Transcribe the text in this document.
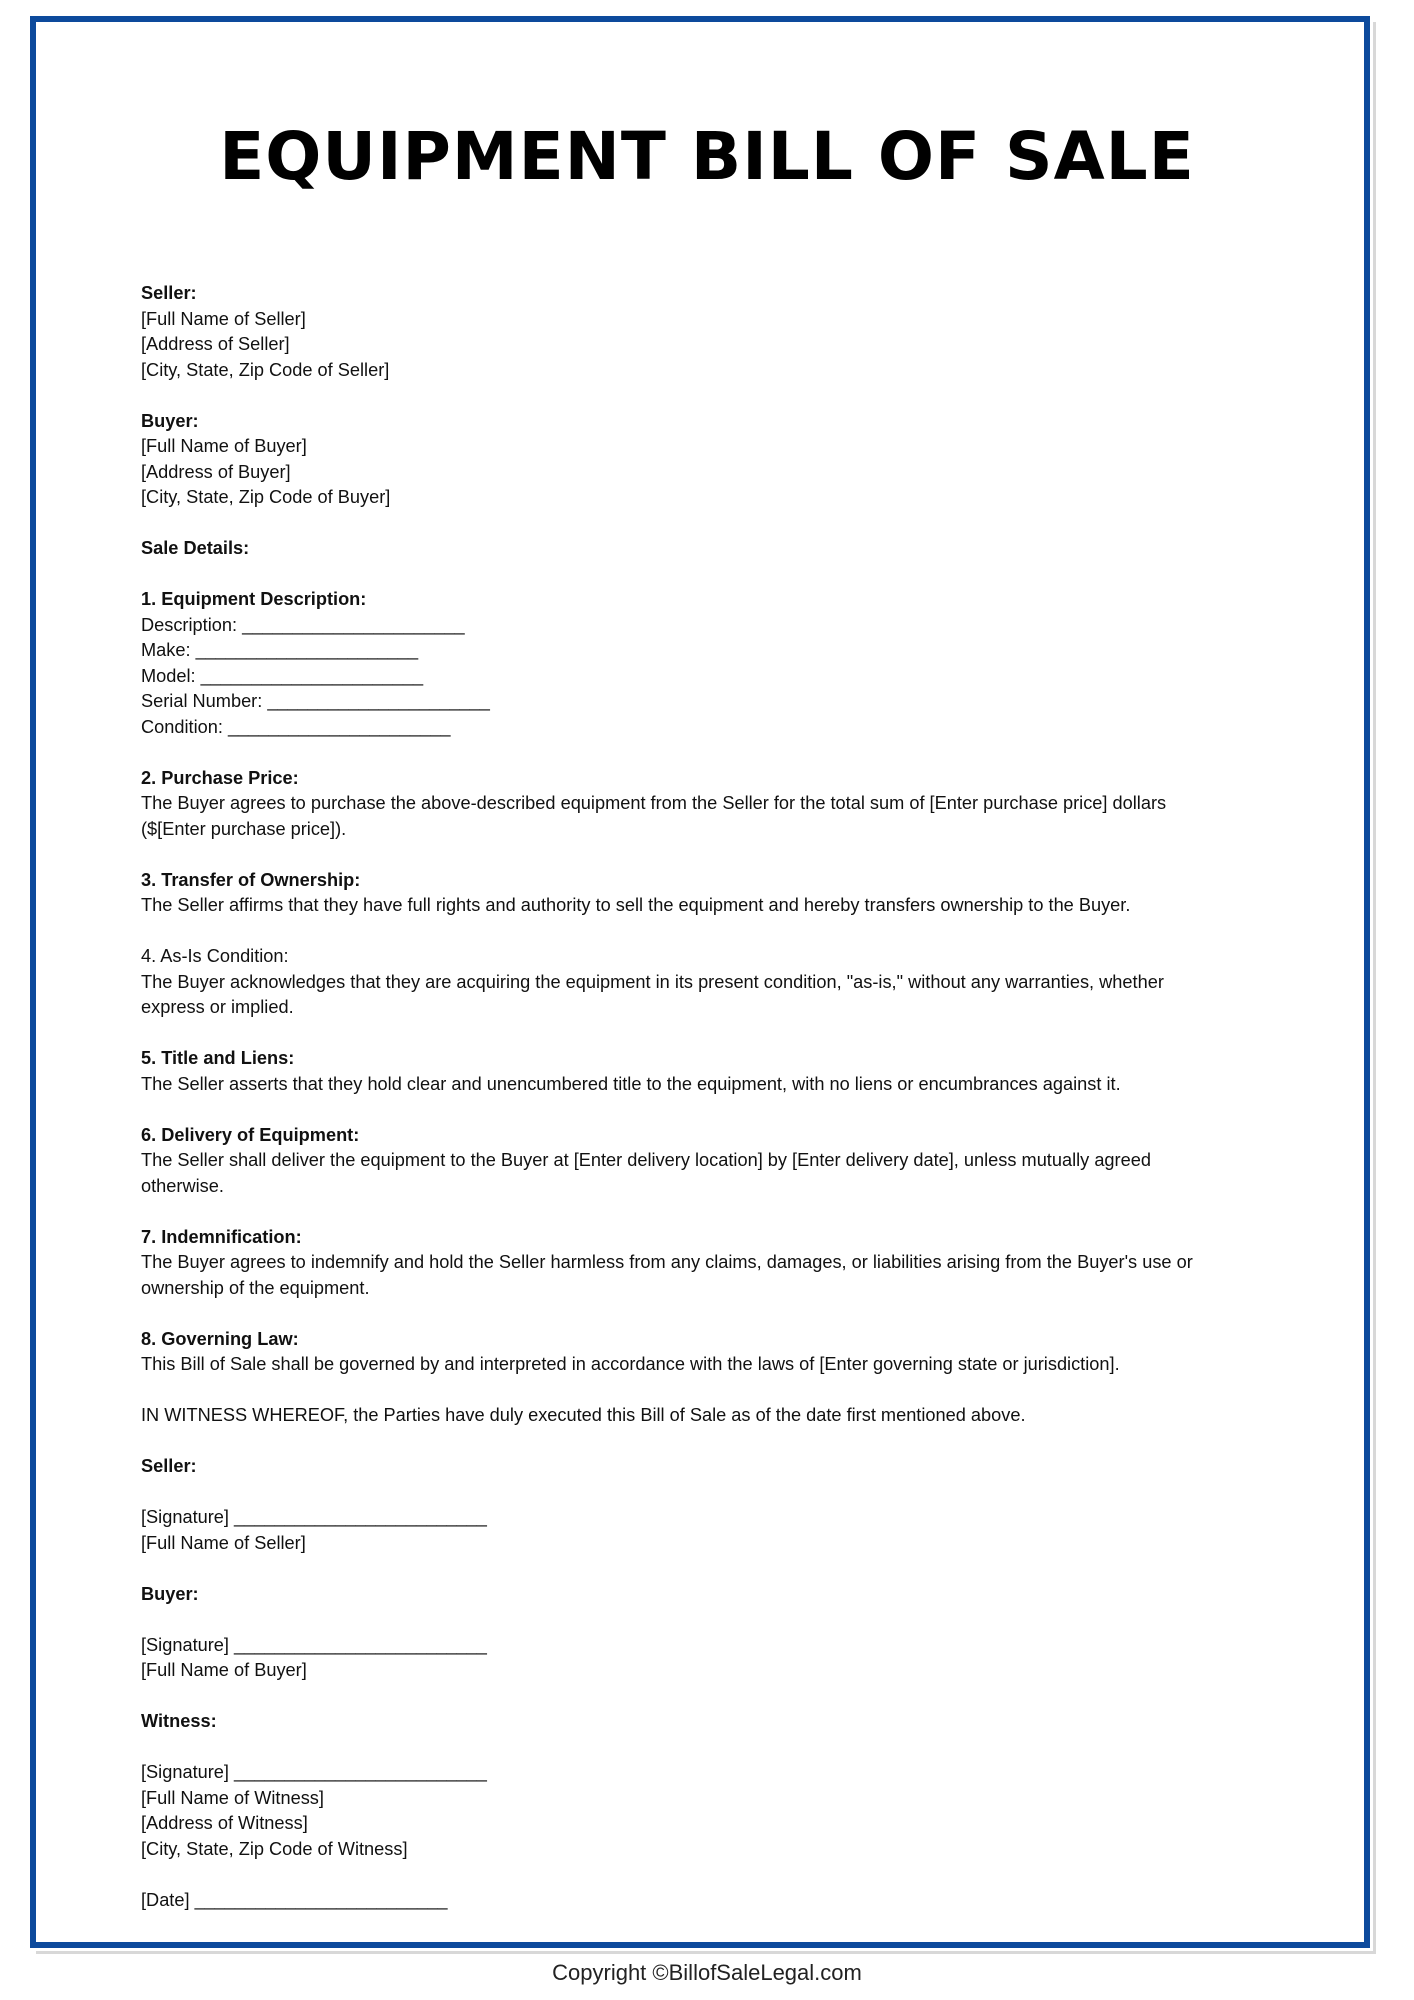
EQUIPMENT BILL OF SALE
Seller:
[Full Name of Seller]
[Address of Seller]
[City, State, Zip Code of Seller]
Buyer:
[Full Name of Buyer]
[Address of Buyer]
[City, State, Zip Code of Buyer]
Sale Details:
1. Equipment Description:
Description: ______________________
Make: ______________________
Model: ______________________
Serial Number: ______________________
Condition: ______________________
2. Purchase Price:
The Buyer agrees to purchase the above-described equipment from the Seller for the total sum of [Enter purchase price] dollars
($[Enter purchase price]).
3. Transfer of Ownership:
The Seller affirms that they have full rights and authority to sell the equipment and hereby transfers ownership to the Buyer.
4. As-Is Condition:
The Buyer acknowledges that they are acquiring the equipment in its present condition, "as-is," without any warranties, whether
express or implied.
5. Title and Liens:
The Seller asserts that they hold clear and unencumbered title to the equipment, with no liens or encumbrances against it.
6. Delivery of Equipment:
The Seller shall deliver the equipment to the Buyer at [Enter delivery location] by [Enter delivery date], unless mutually agreed
otherwise.
7. Indemnification:
The Buyer agrees to indemnify and hold the Seller harmless from any claims, damages, or liabilities arising from the Buyer's use or
ownership of the equipment.
8. Governing Law:
This Bill of Sale shall be governed by and interpreted in accordance with the laws of [Enter governing state or jurisdiction].
IN WITNESS WHEREOF, the Parties have duly executed this Bill of Sale as of the date first mentioned above.
Seller:
[Signature] _________________________
[Full Name of Seller]
Buyer:
[Signature] _________________________
[Full Name of Buyer]
Witness:
[Signature] _________________________
[Full Name of Witness]
[Address of Witness]
[City, State, Zip Code of Witness]
[Date] _________________________
Copyright ©BillofSaleLegal.com
